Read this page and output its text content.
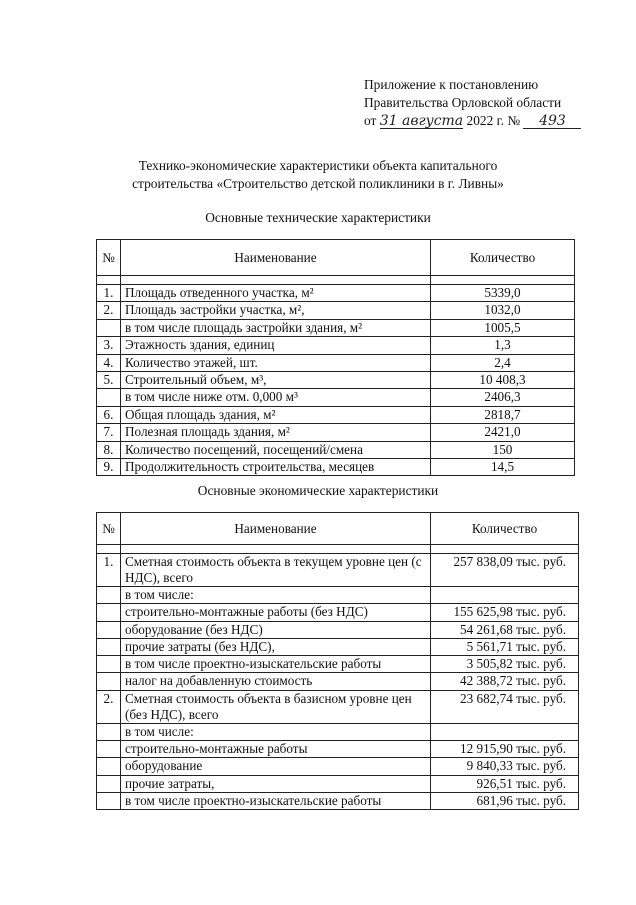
Приложение к постановлению
Правительства Орловской области
от 31 августа 2022 г. № 493
Технико-экономические характеристики объекта капитального
строительства «Строительство детской поликлиники в г. Ливны»
Основные технические характеристики
№	Наименование	Количество

1.	Площадь отведенного участка, м²	5339,0
2.	Площадь застройки участка, м²,	1032,0
	в том числе площадь застройки здания, м²	1005,5
3.	Этажность здания, единиц	1,3
4.	Количество этажей, шт.	2,4
5.	Строительный объем, м³,	10 408,3
	в том числе ниже отм. 0,000 м³	2406,3
6.	Общая площадь здания, м²	2818,7
7.	Полезная площадь здания, м²	2421,0
8.	Количество посещений, посещений/смена	150
9.	Продолжительность строительства, месяцев	14,5
Основные экономические характеристики
№	Наименование	Количество

1.	Сметная стоимость объекта в текущем уровне цен (с НДС), всего	257 838,09 тыс. руб.
	в том числе:	
	строительно-монтажные работы (без НДС)	155 625,98 тыс. руб.
	оборудование (без НДС)	54 261,68 тыс. руб.
	прочие затраты (без НДС),	5 561,71 тыс. руб.
	в том числе проектно-изыскательские работы	3 505,82 тыс. руб.
	налог на добавленную стоимость	42 388,72 тыс. руб.
2.	Сметная стоимость объекта в базисном уровне цен (без НДС), всего	23 682,74 тыс. руб.
	в том числе:	
	строительно-монтажные работы	12 915,90 тыс. руб.
	оборудование	9 840,33 тыс. руб.
	прочие затраты,	926,51 тыс. руб.
	в том числе проектно-изыскательские работы	681,96 тыс. руб.
